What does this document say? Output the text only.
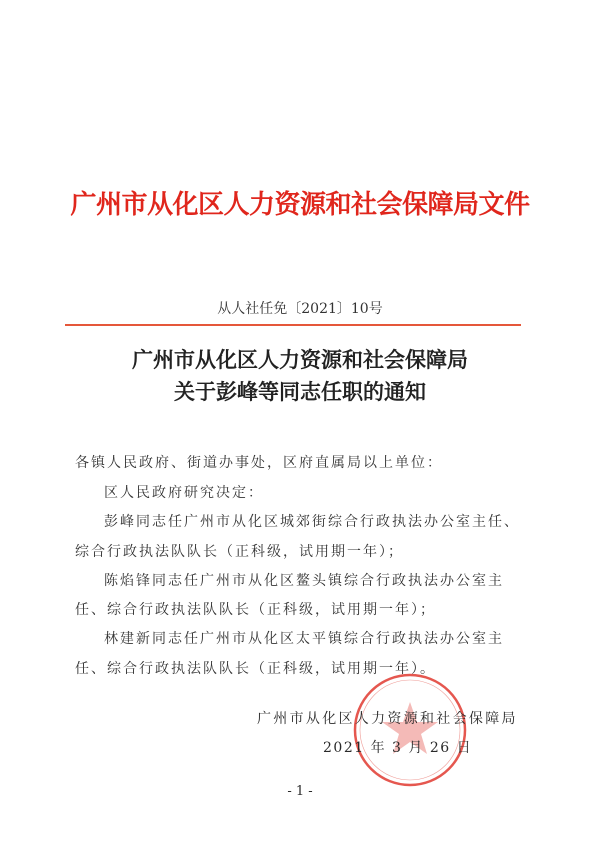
广州市从化区人力资源和社会保障局文件
从人社任免〔2021〕10号
广州市从化区人力资源和社会保障局
关于彭峰等同志任职的通知
各镇人民政府、街道办事处，区府直属局以上单位：
区人民政府研究决定：
彭峰同志任广州市从化区城郊街综合行政执法办公室主任、
综合行政执法队队长（正科级，试用期一年）；
陈焰锋同志任广州市从化区鳌头镇综合行政执法办公室主
任、综合行政执法队队长（正科级，试用期一年）；
林建新同志任广州市从化区太平镇综合行政执法办公室主
任、综合行政执法队队长（正科级，试用期一年）。
广州市从化区人力资源和社会保障局
2021 年 3 月 26 日
- 1 -
